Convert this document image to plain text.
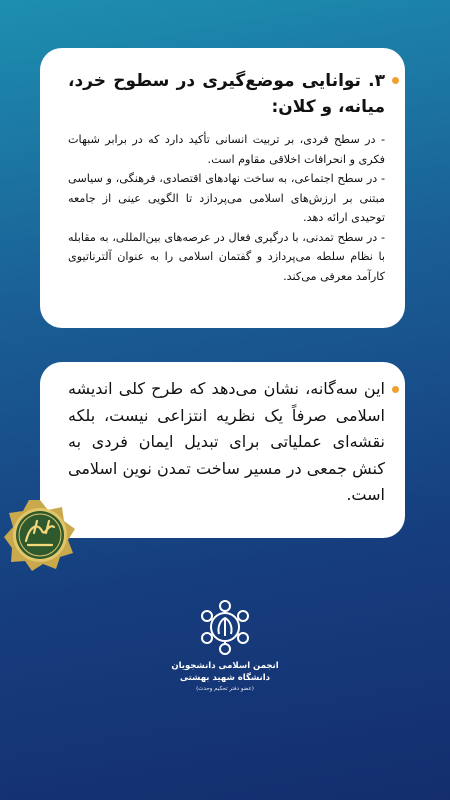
۳. توانایی موضع‌گیری در سطوح خرد، میانه، و کلان:

- در سطح فردی، بر تربیت انسانی تأکید دارد که در برابر شبهات فکری و انحرافات اخلاقی مقاوم است.

- در سطح اجتماعی، به ساخت نهادهای اقتصادی، فرهنگی، و سیاسی مبتنی بر ارزش‌های اسلامی می‌پردازد تا الگویی عینی از جامعه توحیدی ارائه دهد.

- در سطح تمدنی، با درگیری فعال در عرصه‌های بین‌المللی، به مقابله با نظام سلطه می‌پردازد و گفتمان اسلامی را به عنوان آلترناتیوی کارآمد معرفی می‌کند.

این سه‌گانه، نشان می‌دهد که طرح کلی اندیشه اسلامی صرفاً یک نظریه انتزاعی نیست، بلکه نقشه‌ای عملیاتی برای تبدیل ایمان فردی به کنش جمعی در مسیر ساخت تمدن نوین اسلامی است.

انجمن اسلامی دانشجویان

دانشگاه شهید بهشتی

(عضو دفتر تحکیم وحدت)
